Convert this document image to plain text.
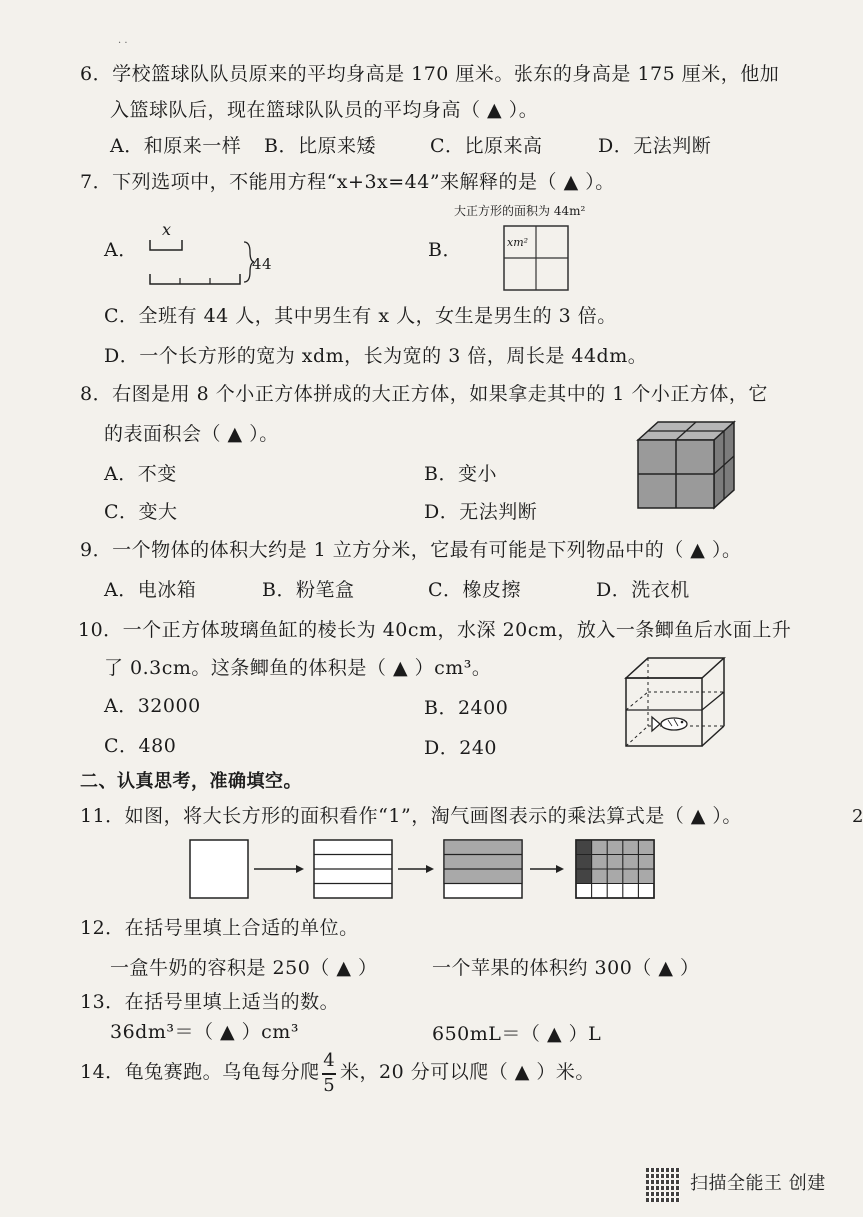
· ·
6．学校篮球队队员原来的平均身高是 170 厘米。张东的身高是 175 厘米，他加
入篮球队后，现在篮球队队员的平均身高（ ▲ ）。
A．和原来一样 B．比原来矮	C．比原来高	D．无法判断
7．下列选项中，不能用方程“x+3x=44”来解释的是（ ▲ ）。
大正方形的面积为 44m²
A．
x
44
B．	xm²
C．全班有 44 人，其中男生有 x 人，女生是男生的 3 倍。
D．一个长方形的宽为 xdm，长为宽的 3 倍，周长是 44dm。
8．右图是用 8 个小正方体拼成的大正方体，如果拿走其中的 1 个小正方体，它
的表面积会（ ▲ ）。
A．不变	B．变小
C．变大	D．无法判断
9．一个物体的体积大约是 1 立方分米，它最有可能是下列物品中的（ ▲ ）。
A．电冰箱	B．粉笔盒	C．橡皮擦	D．洗衣机
10．一个正方体玻璃鱼缸的棱长为 40cm，水深 20cm，放入一条鲫鱼后水面上升
了 0.3cm。这条鲫鱼的体积是（ ▲ ）cm³。
A．32000	B．2400
C．480	D．240
二、认真思考，准确填空。
11．如图，将大长方形的面积看作“1”，淘气画图表示的乘法算式是（ ▲ ）。
12．在括号里填上合适的单位。
一盒牛奶的容积是 250（ ▲ ）	一个苹果的体积约 300（ ▲ ）
13．在括号里填上适当的数。
36dm³＝（ ▲ ）cm³	650mL＝（ ▲ ）L
14．龟兔赛跑。乌龟每分爬
4
5
米，20 分可以爬（ ▲ ）米。
2
扫描全能王 创建
